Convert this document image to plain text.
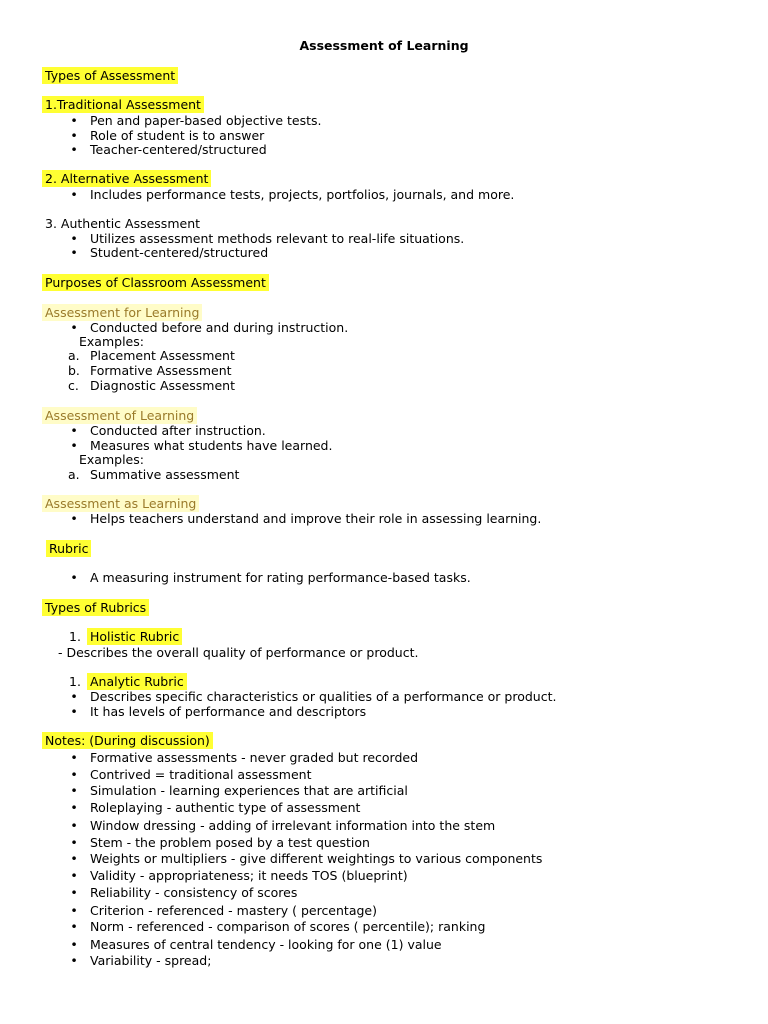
Assessment of Learning
Types of Assessment
1.Traditional Assessment
• Pen and paper-based objective tests.
• Role of student is to answer
• Teacher-centered/structured
2. Alternative Assessment
• Includes performance tests, projects, portfolios, journals, and more.
3. Authentic Assessment
• Utilizes assessment methods relevant to real-life situations.
• Student-centered/structured
Purposes of Classroom Assessment
Assessment for Learning
• Conducted before and during instruction.
Examples:
a. Placement Assessment
b. Formative Assessment
c. Diagnostic Assessment
Assessment of Learning
• Conducted after instruction.
• Measures what students have learned.
Examples:
a. Summative assessment
Assessment as Learning
• Helps teachers understand and improve their role in assessing learning.
Rubric
• A measuring instrument for rating performance-based tasks.
Types of Rubrics
1. Holistic Rubric
- Describes the overall quality of performance or product.
1. Analytic Rubric
• Describes specific characteristics or qualities of a performance or product.
• It has levels of performance and descriptors
Notes: (During discussion)
• Formative assessments - never graded but recorded
• Contrived = traditional assessment
• Simulation - learning experiences that are artificial
• Roleplaying - authentic type of assessment
• Window dressing - adding of irrelevant information into the stem
• Stem - the problem posed by a test question
• Weights or multipliers - give different weightings to various components
• Validity - appropriateness; it needs TOS (blueprint)
• Reliability - consistency of scores
• Criterion - referenced - mastery ( percentage)
• Norm - referenced - comparison of scores ( percentile); ranking
• Measures of central tendency - looking for one (1) value
• Variability - spread;
